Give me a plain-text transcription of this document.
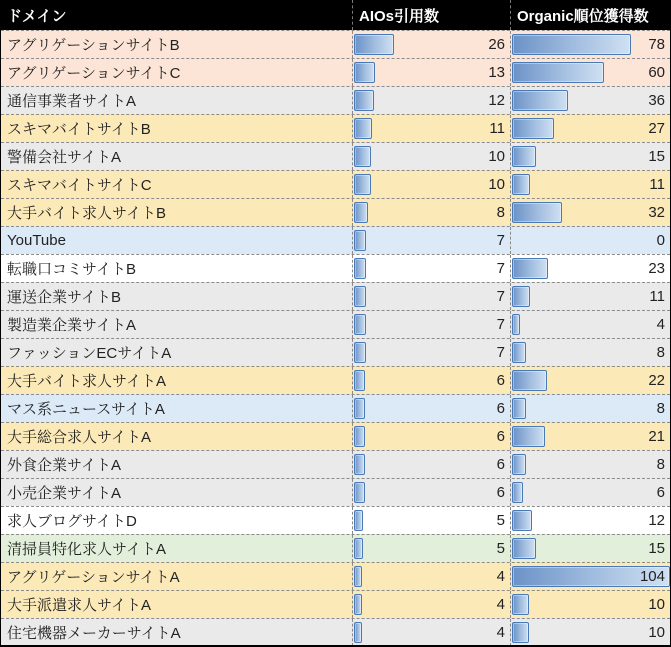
ドメイン	AIOs引用数	Organic順位獲得数
アグリゲーションサイトB	26	78
アグリゲーションサイトC	13	60
通信事業者サイトA	12	36
スキマバイトサイトB	11	27
警備会社サイトA	10	15
スキマバイトサイトC	10	11
大手バイト求人サイトB	8	32
YouTube	7	0
転職口コミサイトB	7	23
運送企業サイトB	7	11
製造業企業サイトA	7	4
ファッションECサイトA	7	8
大手バイト求人サイトA	6	22
マス系ニュースサイトA	6	8
大手総合求人サイトA	6	21
外食企業サイトA	6	8
小売企業サイトA	6	6
求人ブログサイトD	5	12
清掃員特化求人サイトA	5	15
アグリゲーションサイトA	4	104
大手派遣求人サイトA	4	10
住宅機器メーカーサイトA	4	10
